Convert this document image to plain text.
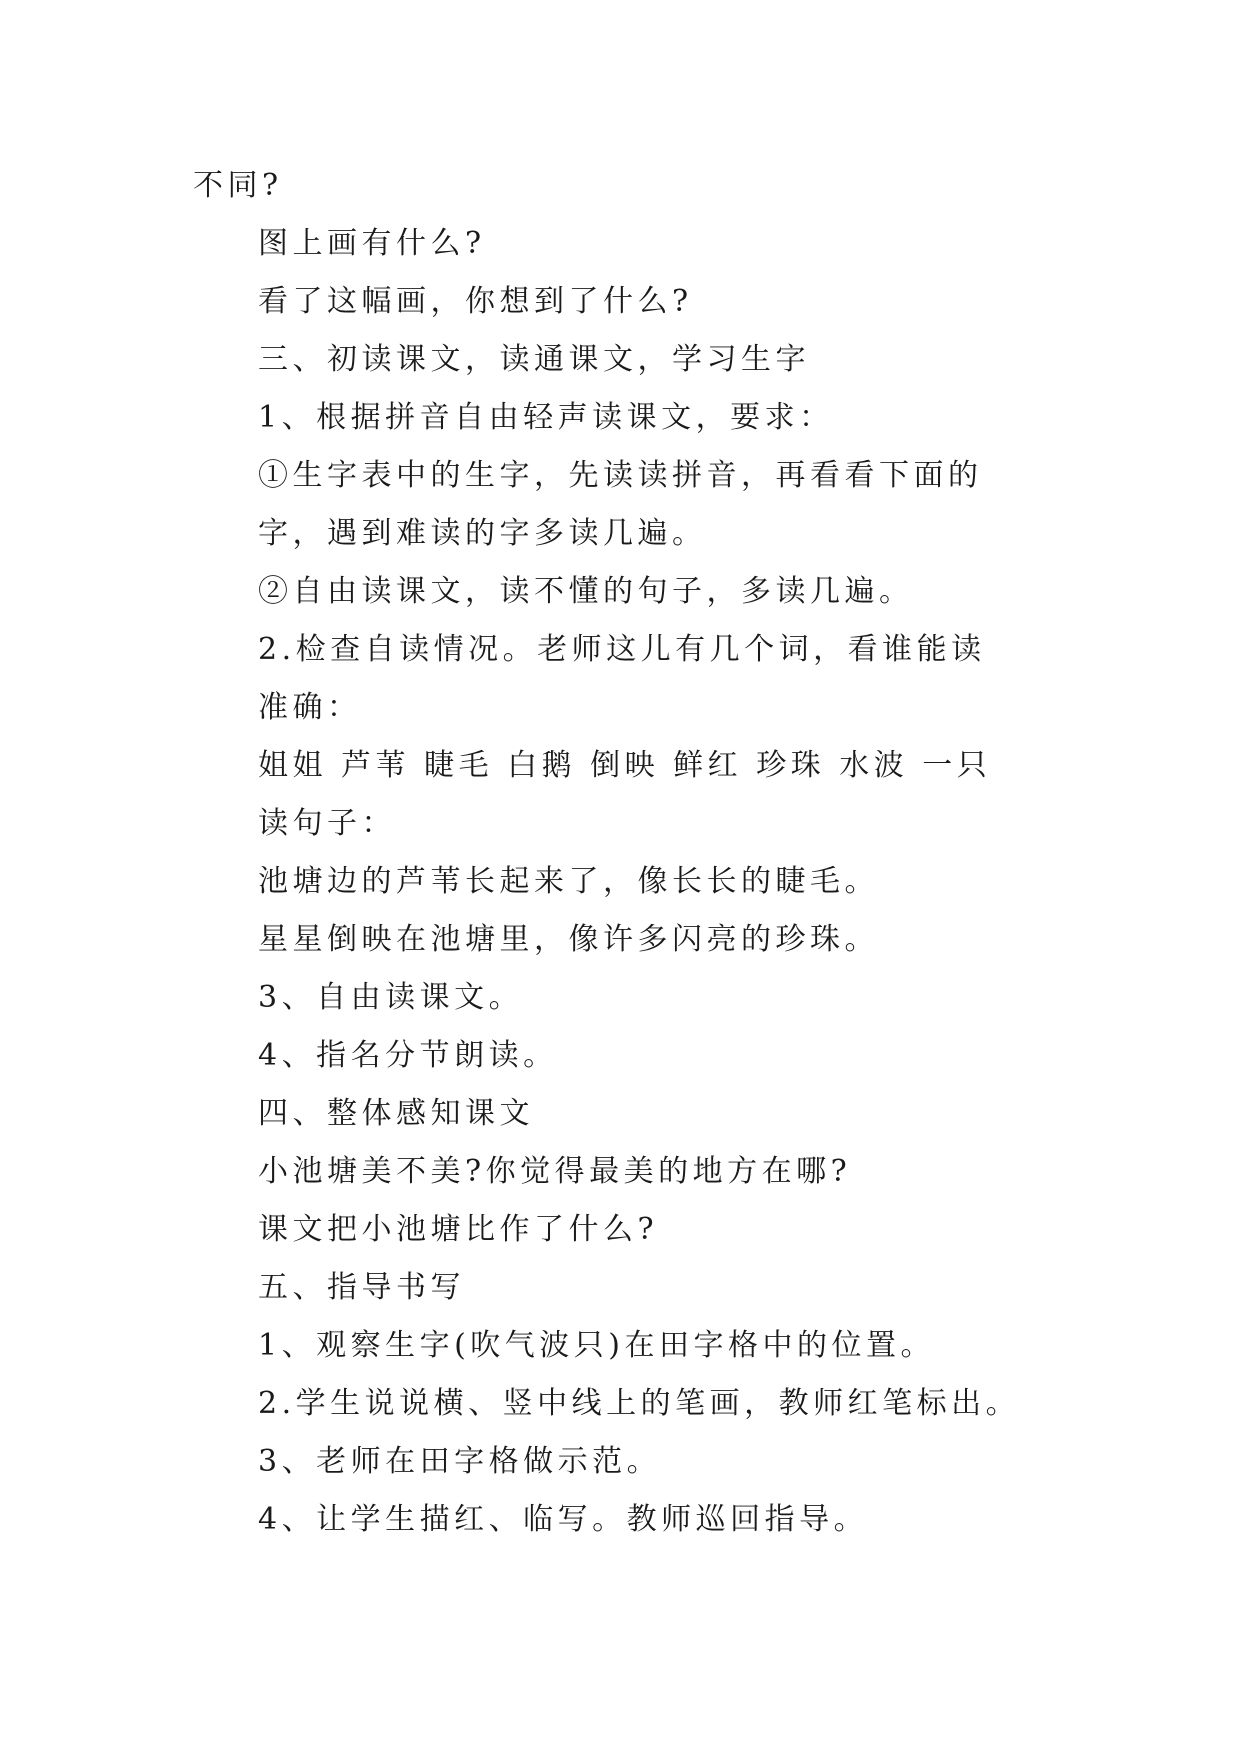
不同?
图上画有什么?
看了这幅画，你想到了什么?
三、初读课文，读通课文，学习生字
1、根据拼音自由轻声读课文，要求：
①生字表中的生字，先读读拼音，再看看下面的
字，遇到难读的字多读几遍。
②自由读课文，读不懂的句子，多读几遍。
2.检查自读情况。老师这儿有几个词，看谁能读
准确：
姐姐 芦苇 睫毛 白鹅 倒映 鲜红 珍珠 水波 一只
读句子：
池塘边的芦苇长起来了，像长长的睫毛。
星星倒映在池塘里，像许多闪亮的珍珠。
3、自由读课文。
4、指名分节朗读。
四、整体感知课文
小池塘美不美?你觉得最美的地方在哪?
课文把小池塘比作了什么?
五、指导书写
1、观察生字(吹气波只)在田字格中的位置。
2.学生说说横、竖中线上的笔画，教师红笔标出。
3、老师在田字格做示范。
4、让学生描红、临写。教师巡回指导。
